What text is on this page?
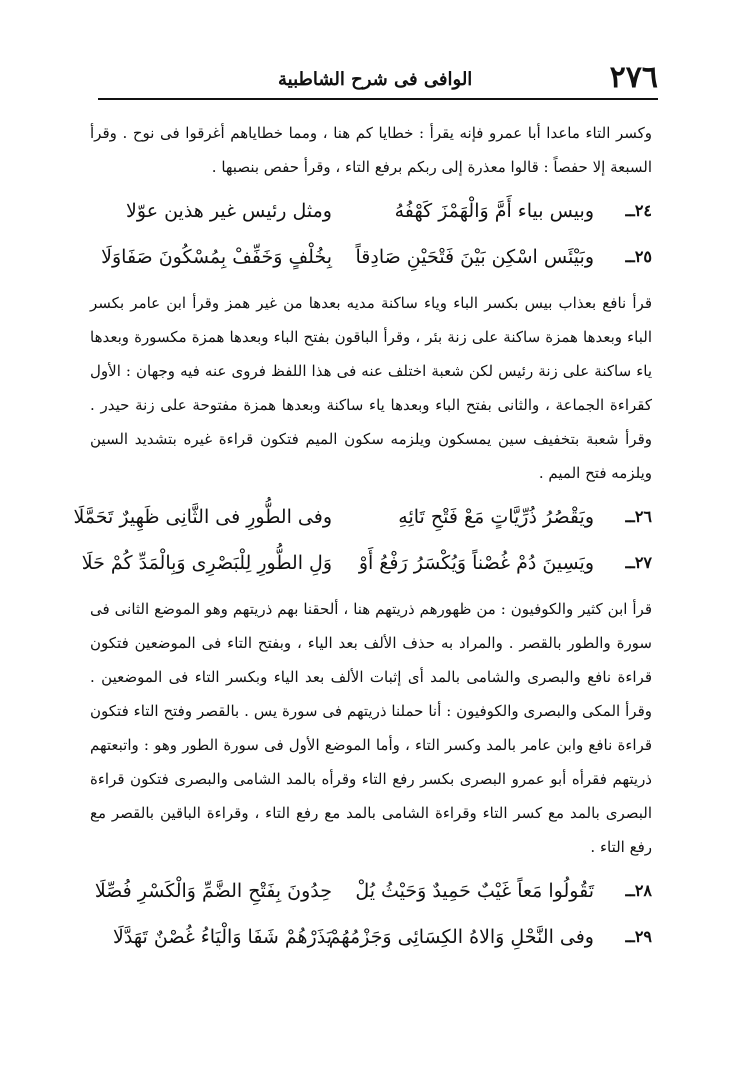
٢٧٦
الوافى فى شرح الشاطبية

وكسر التاء ماعدا أبا عمرو فإنه يقرأ : خطايا كم هنا ، ومما خطاياهم أغرقوا فى نوح . وقرأ السبعة إلا حفصاً : قالوا معذرة إلى ربكم برفع التاء ، وقرأ حفص بنصبها .

٢٤ــ
وبيس بياء أَمَّ وَالْهَمْزَ كَهْفُهُ
ومثل رئيس غير هذين عوّلا
٢٥ــ
وبَيْئَس اسْكِن بَيْنَ فَتْحَيْنِ صَادِقاً
بِخُلْفٍ وَخَفِّفْ بِمُسْكُونَ صَفَاوَلَا

قرأ نافع بعذاب بيس بكسر الباء وياء ساكنة مديه بعدها من غير همز وقرأ ابن عامر بكسر الباء وبعدها همزة ساكنة على زنة بئر ، وقرأ الباقون بفتح الباء وبعدها همزة مكسورة وبعدها ياء ساكنة على زنة رئيس لكن شعبة اختلف عنه فى هذا اللفظ فروى عنه فيه وجهان : الأول كقراءة الجماعة ، والثانى بفتح الباء وبعدها ياء ساكنة وبعدها همزة مفتوحة على زنة حيدر . وقرأ شعبة بتخفيف سين يمسكون ويلزمه سكون الميم فتكون قراءة غيره بتشديد السين ويلزمه فتح الميم .

٢٦ــ
ويَقْصُرُ ذُرِّيَّاتٍ مَعْ فَتْحِ تَائِهِ
وفى الطُّورِ فى الثَّانِى ظَهِيرٌ تَحَمَّلَا
٢٧ــ
ويَسِينَ دُمْ غُصْناً وَيُكْسَرُ رَفْعُ أَوْ
وَلِ الطُّورِ لِلْبَصْرِى وَبِالْمَدِّ كُمْ حَلَا

قرأ ابن كثير والكوفيون : من ظهورهم ذريتهم هنا ، ألحقنا بهم ذريتهم وهو الموضع الثانى فى سورة والطور بالقصر . والمراد به حذف الألف بعد الياء ، وبفتح التاء فى الموضعين فتكون قراءة نافع والبصرى والشامى بالمد أى إثبات الألف بعد الياء وبكسر التاء فى الموضعين . وقرأ المكى والبصرى والكوفيون : أنا حملنا ذريتهم فى سورة يس . بالقصر وفتح التاء فتكون قراءة نافع وابن عامر بالمد وكسر التاء ، وأما الموضع الأول فى سورة الطور وهو : واتبعتهم ذريتهم فقرأه أبو عمرو البصرى بكسر رفع التاء وقرأه بالمد الشامى والبصرى فتكون قراءة البصرى بالمد مع كسر التاء وقراءة الشامى بالمد مع رفع التاء ، وقراءة الباقين بالقصر مع رفع التاء .

٢٨ــ
تَقُولُوا مَعاً غَيْبٌ حَمِيدٌ وَحَيْثُ يُلْ
حِدُونَ بِفَتْحِ الضَّمِّ وَالْكَسْرِ فُصِّلَا
٢٩ــ
وفى النَّحْلِ وَالاهُ الكِسَائِى وَجَزْمُهُمْ
يَذَرْهُمْ شَفَا وَالْيَاءُ غُصْنٌ تَهَدَّلَا
